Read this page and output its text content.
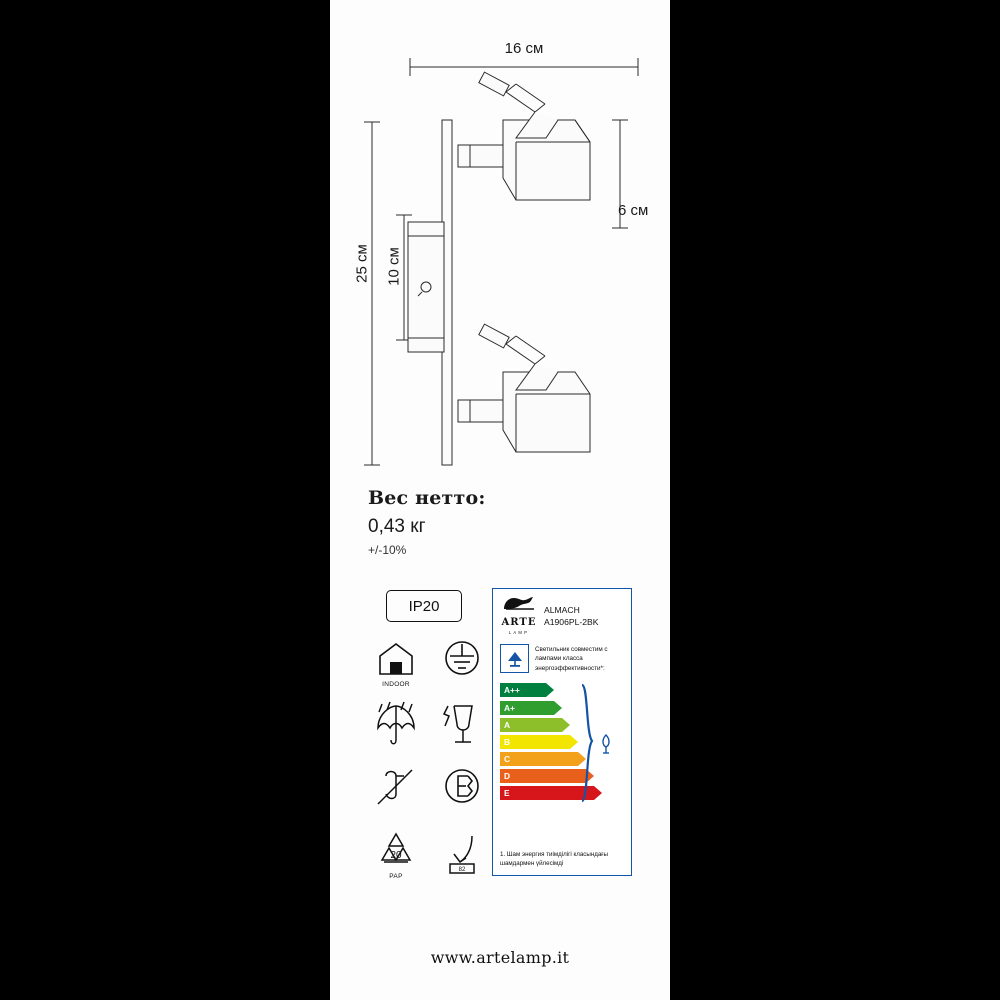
16 см
6 см
25 см 10 см
Вес нетто:
0,43 кг
+/-10%
IP20
INDOOR
20
PAP
82
ARTE
LAMP
ALMACH
A1906PL-2BK
Светильник совместим с лампами класса энергоэффективности*:
A++
A+
A
B
C
D
E
1. Шам энергия тиімділігі класындағы шамдармен үйлесімді
www.artelamp.it
